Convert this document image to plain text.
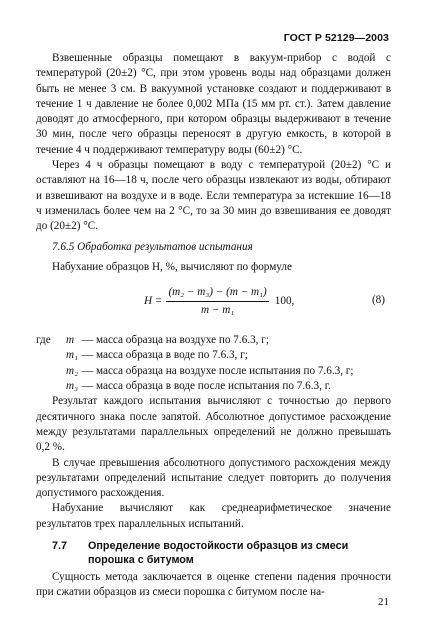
ГОСТ Р 52129—2003

Взвешенные образцы помещают в вакуум-прибор с водой с температурой (20±2) °С, при этом уровень воды над образцами должен быть не менее 3 см. В вакуумной установке создают и поддерживают в течение 1 ч давление не более 0,002 МПа (15 мм рт. ст.). Затем давление доводят до атмосферного, при котором образцы выдерживают в течение 30 мин, после чего образцы переносят в другую емкость, в которой в течение 4 ч поддерживают температуру воды (60±2) °С.

Через 4 ч образцы помещают в воду с температурой (20±2) °С и оставляют на 16—18 ч, после чего образцы извлекают из воды, обтирают и взвешивают на воздухе и в воде. Если температура за истекшие 16—18 ч изменилась более чем на 2 °С, то за 30 мин до взвешивания ее доводят до (20±2) °С.

7.6.5 Обработка результатов испытания

Набухание образцов Н, %, вычисляют по формуле

$H = \frac{\text{(m₂ − m₃) − (m − m₁)}}{\text{m − m₁}} 100$,	(8)
где	m — масса образца на воздухе по 7.6.3, г;
m₁ — масса образца в воде по 7.6.3, г;
m₂ — масса образца на воздухе после испытания по 7.6.3, г;
m₃ — масса образца в воде после испытания по 7.6.3, г.

Результат каждого испытания вычисляют с точностью до первого десятичного знака после запятой. Абсолютное допустимое расхождение между результатами параллельных определений не должно превышать 0,2 %.

В случае превышения абсолютного допустимого расхождения между результатами определений испытание следует повторить до получения допустимого расхождения.

Набухание вычисляют как среднеарифметическое значение результатов трех параллельных испытаний.

7.7	Определение водостойкости образцов из смеси порошка с битумом

Сущность метода заключается в оценке степени падения прочности при сжатии образцов из смеси порошка с битумом после на-

21
